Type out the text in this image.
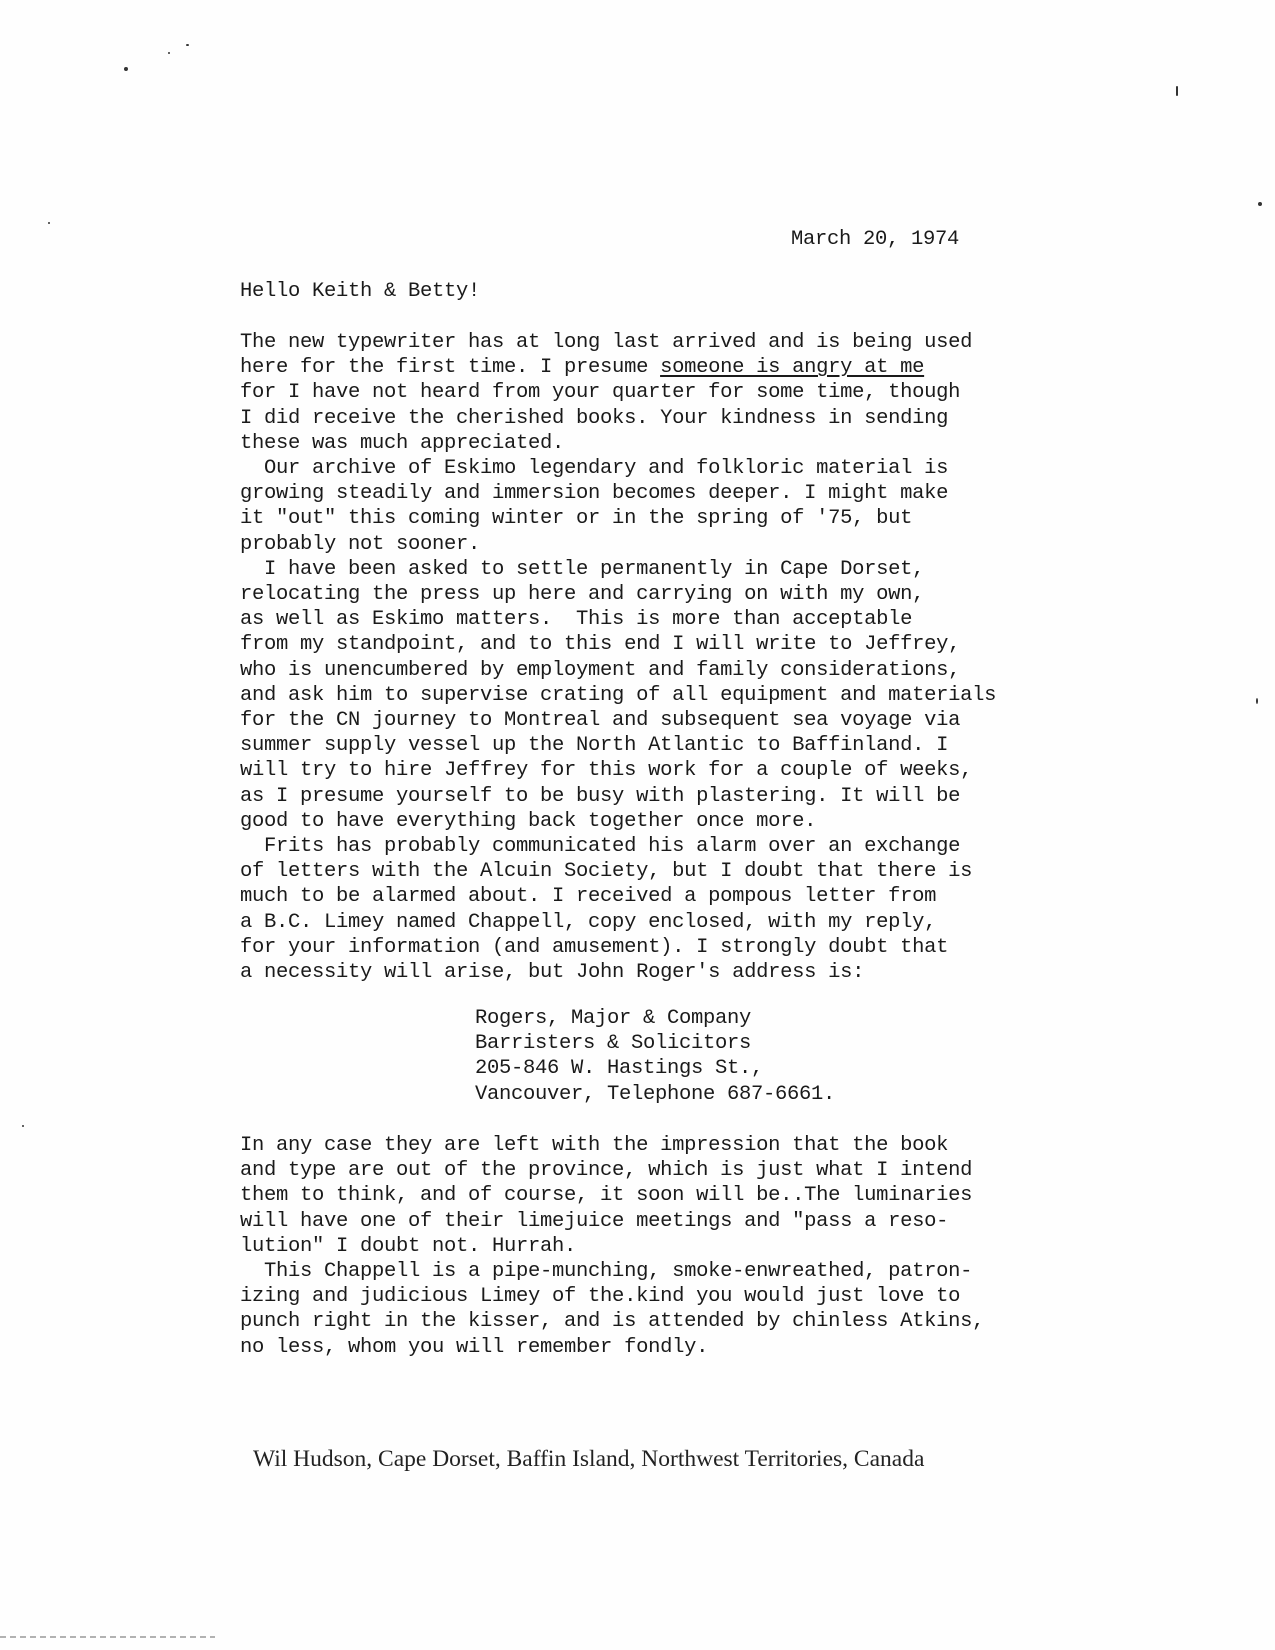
March 20, 1974

Hello Keith & Betty!

The new typewriter has at long last arrived and is being used
here for the first time. I presume someone is angry at me
for I have not heard from your quarter for some time, though
I did receive the cherished books. Your kindness in sending
these was much appreciated.
Our archive of Eskimo legendary and folkloric material is
growing steadily and immersion becomes deeper. I might make
it "out" this coming winter or in the spring of '75, but
probably not sooner.
I have been asked to settle permanently in Cape Dorset,
relocating the press up here and carrying on with my own,
as well as Eskimo matters.  This is more than acceptable
from my standpoint, and to this end I will write to Jeffrey,
who is unencumbered by employment and family considerations,
and ask him to supervise crating of all equipment and materials
for the CN journey to Montreal and subsequent sea voyage via
summer supply vessel up the North Atlantic to Baffinland. I
will try to hire Jeffrey for this work for a couple of weeks,
as I presume yourself to be busy with plastering. It will be
good to have everything back together once more.
Frits has probably communicated his alarm over an exchange
of letters with the Alcuin Society, but I doubt that there is
much to be alarmed about. I received a pompous letter from
a B.C. Limey named Chappell, copy enclosed, with my reply,
for your information (and amusement). I strongly doubt that
a necessity will arise, but John Roger's address is:

Rogers, Major & Company
Barristers & Solicitors
205-846 W. Hastings St.,
Vancouver, Telephone 687-6661.

In any case they are left with the impression that the book
and type are out of the province, which is just what I intend
them to think, and of course, it soon will be..The luminaries
will have one of their limejuice meetings and "pass a reso-
lution" I doubt not. Hurrah.
This Chappell is a pipe-munching, smoke-enwreathed, patron-
izing and judicious Limey of the.kind you would just love to
punch right in the kisser, and is attended by chinless Atkins,
no less, whom you will remember fondly.

Wil Hudson, Cape Dorset, Baffin Island, Northwest Territories, Canada
